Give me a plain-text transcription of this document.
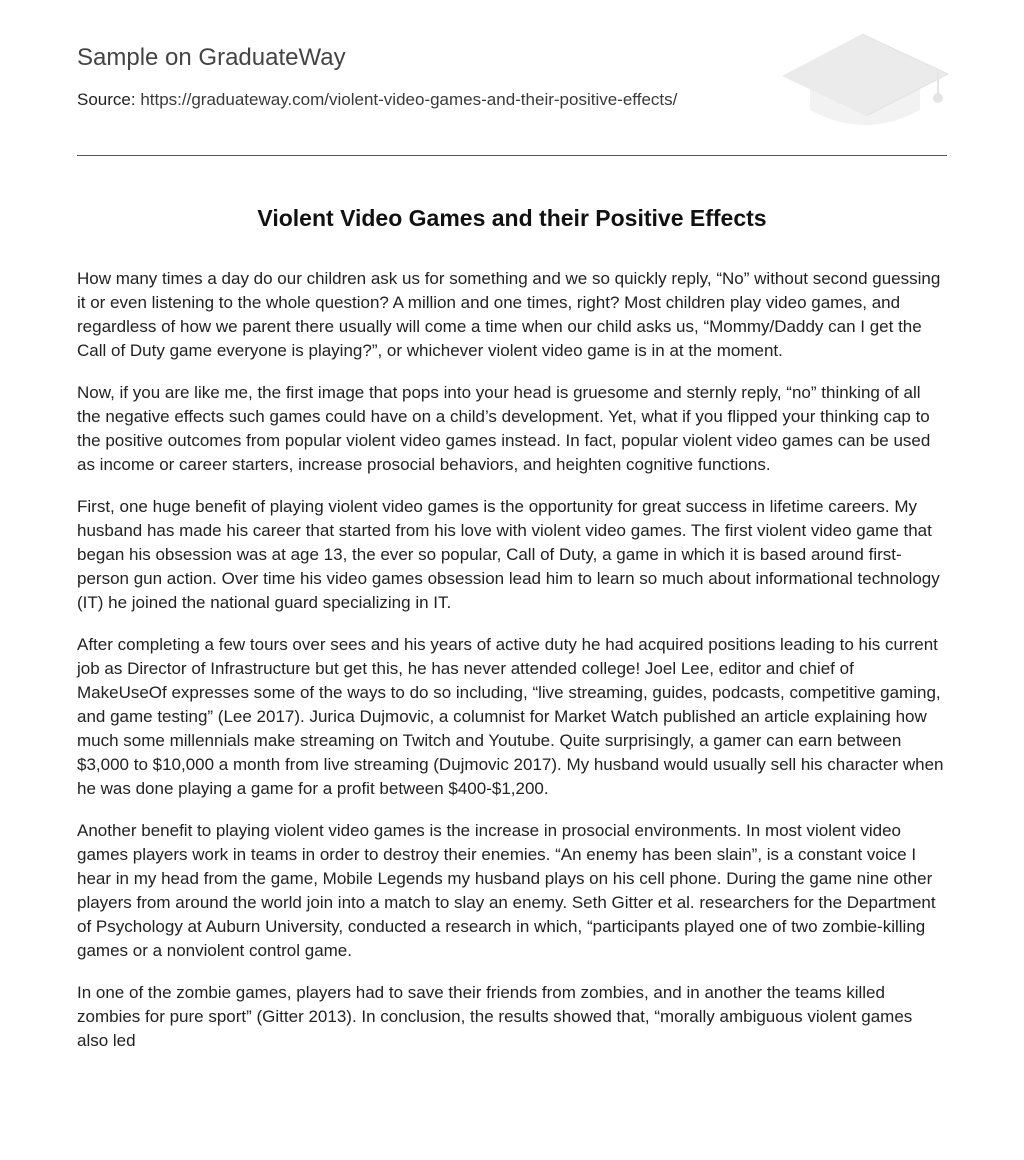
Sample on GraduateWay
Source: https://graduateway.com/violent-video-games-and-their-positive-effects/
Violent Video Games and their Positive Effects

How many times a day do our children ask us for something and we so quickly reply, “No” without second guessing it or even listening to the whole question? A million and one times, right? Most children play video games, and regardless of how we parent there usually will come a time when our child asks us, “Mommy/Daddy can I get the Call of Duty game everyone is playing?”, or whichever violent video game is in at the moment.

Now, if you are like me, the first image that pops into your head is gruesome and sternly reply, “no” thinking of all the negative effects such games could have on a child’s development. Yet, what if you flipped your thinking cap to the positive outcomes from popular violent video games instead. In fact, popular violent video games can be used as income or career starters, increase prosocial behaviors, and heighten cognitive functions.

First, one huge benefit of playing violent video games is the opportunity for great success in lifetime careers. My husband has made his career that started from his love with violent video games. The first violent video game that began his obsession was at age 13, the ever so popular, Call of Duty, a game in which it is based around first-person gun action. Over time his video games obsession lead him to learn so much about informational technology (IT) he joined the national guard specializing in IT.

After completing a few tours over sees and his years of active duty he had acquired positions leading to his current job as Director of Infrastructure but get this, he has never attended college! Joel Lee, editor and chief of MakeUseOf expresses some of the ways to do so including, “live streaming, guides, podcasts, competitive gaming, and game testing” (Lee 2017). Jurica Dujmovic, a columnist for Market Watch published an article explaining how much some millennials make streaming on Twitch and Youtube. Quite surprisingly, a gamer can earn between $3,000 to $10,000 a month from live streaming (Dujmovic 2017). My husband would usually sell his character when he was done playing a game for a profit between $400-$1,200.

Another benefit to playing violent video games is the increase in prosocial environments. In most violent video games players work in teams in order to destroy their enemies. “An enemy has been slain”, is a constant voice I hear in my head from the game, Mobile Legends my husband plays on his cell phone. During the game nine other players from around the world join into a match to slay an enemy. Seth Gitter et al. researchers for the Department of Psychology at Auburn University, conducted a research in which, “participants played one of two zombie-killing games or a nonviolent control game.

In one of the zombie games, players had to save their friends from zombies, and in another the teams killed zombies for pure sport” (Gitter 2013). In conclusion, the results showed that, “morally ambiguous violent games also led
